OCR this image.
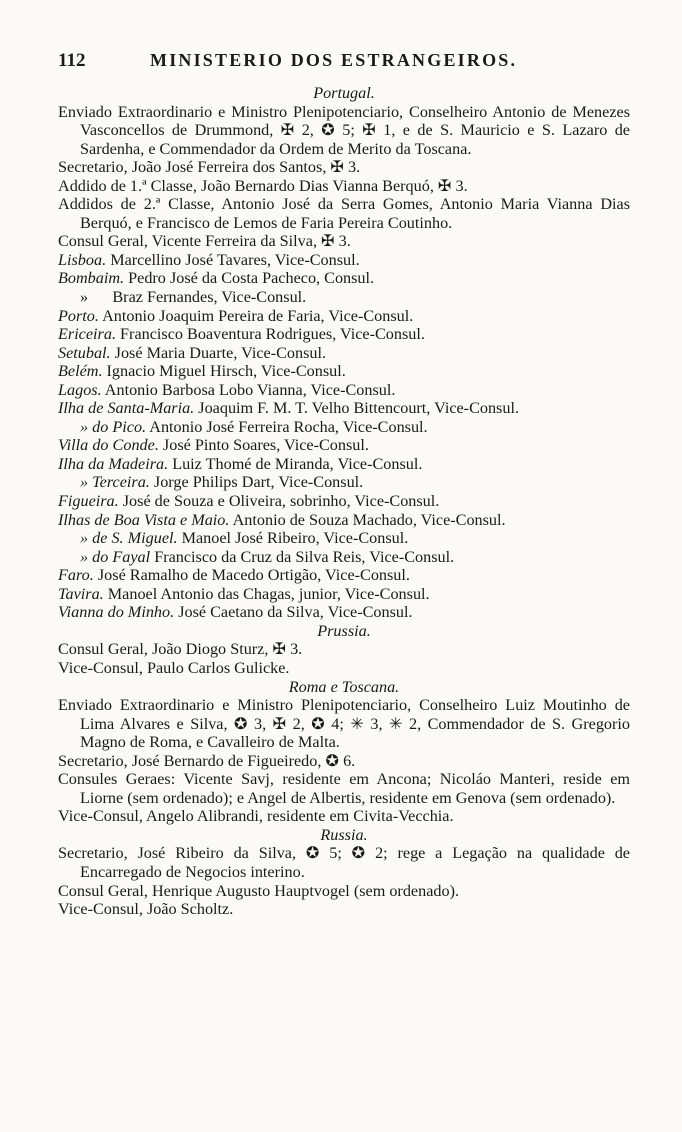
112	MINISTERIO DOS ESTRANGEIROS.

Portugal.

Enviado Extraordinario e Ministro Plenipotenciario, Conselheiro Antonio de Menezes Vasconcellos de Drummond, ✠ 2, ✪ 5; ✠ 1, e de S. Mauricio e S. Lazaro de Sardenha, e Commendador da Ordem de Merito da Toscana.

Secretario, João José Ferreira dos Santos, ✠ 3.

Addido de 1.ª Classe, João Bernardo Dias Vianna Berquó, ✠ 3.

Addidos de 2.ª Classe, Antonio José da Serra Gomes, Antonio Maria Vianna Dias Berquó, e Francisco de Lemos de Faria Pereira Coutinho.

Consul Geral, Vicente Ferreira da Silva, ✠ 3.

Lisboa. Marcellino José Tavares, Vice-Consul.

Bombaim. Pedro José da Costa Pacheco, Consul.

» Braz Fernandes, Vice-Consul.

Porto. Antonio Joaquim Pereira de Faria, Vice-Consul.

Ericeira. Francisco Boaventura Rodrigues, Vice-Consul.

Setubal. José Maria Duarte, Vice-Consul.

Belém. Ignacio Miguel Hirsch, Vice-Consul.

Lagos. Antonio Barbosa Lobo Vianna, Vice-Consul.

Ilha de Santa-Maria. Joaquim F. M. T. Velho Bittencourt, Vice-Consul.

» do Pico. Antonio José Ferreira Rocha, Vice-Consul.

Villa do Conde. José Pinto Soares, Vice-Consul.

Ilha da Madeira. Luiz Thomé de Miranda, Vice-Consul.

» Terceira. Jorge Philips Dart, Vice-Consul.

Figueira. José de Souza e Oliveira, sobrinho, Vice-Consul.

Ilhas de Boa Vista e Maio. Antonio de Souza Machado, Vice-Consul.

» de S. Miguel. Manoel José Ribeiro, Vice-Consul.

» do Fayal Francisco da Cruz da Silva Reis, Vice-Consul.

Faro. José Ramalho de Macedo Ortigão, Vice-Consul.

Tavira. Manoel Antonio das Chagas, junior, Vice-Consul.

Vianna do Minho. José Caetano da Silva, Vice-Consul.

Prussia.

Consul Geral, João Diogo Sturz, ✠ 3.

Vice-Consul, Paulo Carlos Gulicke.

Roma e Toscana.

Enviado Extraordinario e Ministro Plenipotenciario, Conselheiro Luiz Moutinho de Lima Alvares e Silva, ✪ 3, ✠ 2, ✪ 4; ✳ 3, ✳ 2, Commendador de S. Gregorio Magno de Roma, e Cavalleiro de Malta.

Secretario, José Bernardo de Figueiredo, ✪ 6.

Consules Geraes: Vicente Savj, residente em Ancona; Nicoláo Manteri, reside em Liorne (sem ordenado); e Angel de Albertis, residente em Genova (sem ordenado).

Vice-Consul, Angelo Alibrandi, residente em Civita-Vecchia.

Russia.

Secretario, José Ribeiro da Silva, ✪ 5; ✪ 2; rege a Legação na qualidade de Encarregado de Negocios interino.

Consul Geral, Henrique Augusto Hauptvogel (sem ordenado).

Vice-Consul, João Scholtz.
